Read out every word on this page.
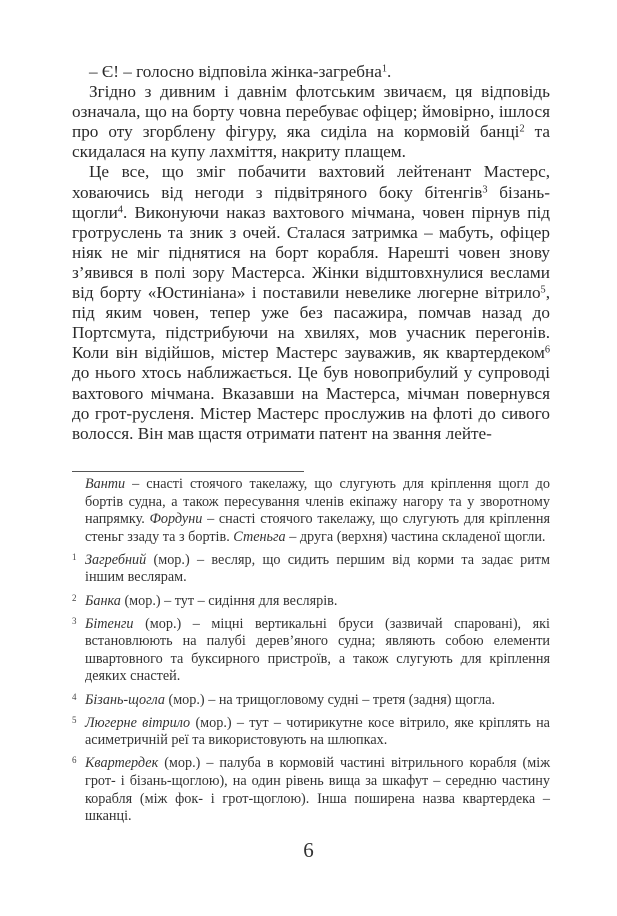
– Є! – голосно відповіла жінка-загребна$^1$.

Згідно з дивним і давнім флотським звичаєм, ця відповідь означала, що на борту човна перебуває офіцер; ймовірно, ішлося про оту згорблену фігуру, яка сиділа на кормовій банці$^2$ та скидалася на купу лахміття, накриту плащем.

Це все, що зміг побачити вахтовий лейтенант Мастерс, ховаючись від негоди з підвітряного боку бітенгів$^3$ бізань-щогли$^4$. Виконуючи наказ вахтового мічмана, човен пірнув під гротруслень та зник з очей. Сталася затримка – мабуть, офіцер ніяк не міг піднятися на борт корабля. Нарешті човен знову з’явився в полі зору Мастерса. Жінки відштовхнулися веслами від борту «Юстиніана» і поставили невелике люгерне вітрило$^5$, під яким човен, тепер уже без пасажира, помчав назад до Портсмута, підстрибуючи на хвилях, мов учасник перегонів. Коли він відійшов, містер Мастерс зауважив, як квартердеком$^6$ до нього хтось наближається. Це був новоприбулий у супроводі вахтового мічмана. Вказавши на Мастерса, мічман повернувся до грот-русленя. Містер Мастерс прослужив на флоті до сивого волосся. Він мав щастя отримати патент на звання лейте-

Ванти – снасті стоячого такелажу, що слугують для кріплення щогл до бортів судна, а також пересування членів екіпажу нагору та у зворотному напрямку. Фордуни – снасті стоячого такелажу, що слугують для кріплення стеньг ззаду та з бортів. Стеньга – друга (верхня) частина складеної щогли.
1 Загребний (мор.) – весляр, що сидить першим від корми та задає ритм іншим веслярам.
2 Банка (мор.) – тут – сидіння для веслярів.
3 Бітенги (мор.) – міцні вертикальні бруси (зазвичай спаровані), які встановлюють на палубі дерев’яного судна; являють собою елементи швартовного та буксирного пристроїв, а також слугують для кріплення деяких снастей.
4 Бізань-щогла (мор.) – на трищогловому судні – третя (задня) щогла.
5 Люгерне вітрило (мор.) – тут – чотирикутне косе вітрило, яке кріплять на асиметричній реї та використовують на шлюпках.
6 Квартердек (мор.) – палуба в кормовій частині вітрильного корабля (між грот- і бізань-щоглою), на один рівень вища за шкафут – середню частину корабля (між фок- і грот-щоглою). Інша поширена назва квартердека – шканці.
6
